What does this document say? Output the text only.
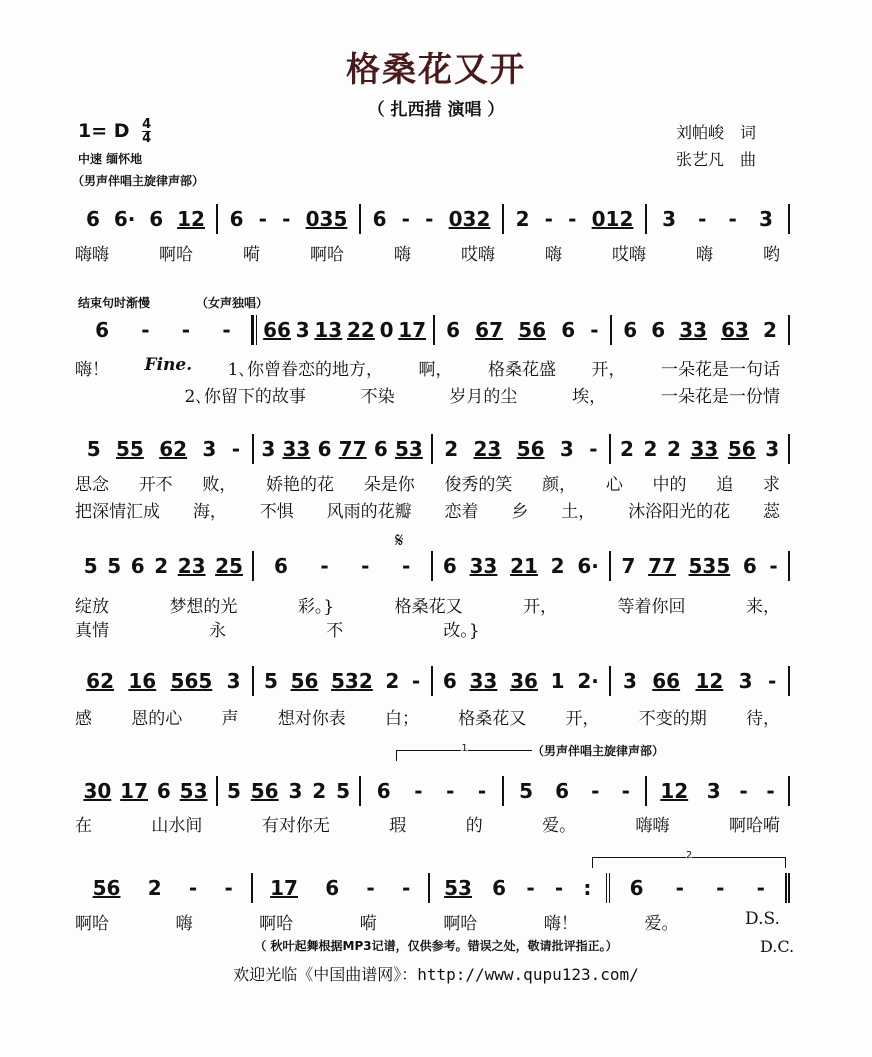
格桑花又开
（ 扎西措 演唱 ）
1= D $\frac{4}{4}$
中速 缅怀地
（男声伴唱主旋律声部）
刘帕峻　词
张艺凡　曲
结束句时渐慢	（女声独唱）
𝄋
1	（男声伴唱主旋律声部）
2
6 6· 6 12 6 - - 035 6 - - 032 2 - - 012 3 - - 3
嗨嗨	啊哈	嗬	啊哈	嗨	哎嗨	嗨	哎嗨	嗨	哟
6 - - - 66 3 13 22 0 17 6 67 56 6 - 6 6 33 63 2
嗨！ Fine. 1､你曾眷恋的地方， 啊， 格桑花盛 开， 一朵花是一句话
2､你留下的故事	不染	岁月的尘	埃，	一朵花是一份情
5 55 62 3 - 3 33 6 77 6 53 2 23 56 3 - 2 2 2 33 56 3
思念 开不 败， 娇艳的花 朵是你 俊秀的笑 颜， 心 中的 追 求
把深情汇成 海， 不惧 风雨的花瓣 恋着 乡 土， 沐浴阳光的花 蕊
5 5 6 2 23 25 6 - - - 6 33 21 2 6· 7 77 535 6 -
绽放	梦想的光	彩。}	格桑花又	开，	等着你回	来，
真情	永	不	改。}
62 16 565 3 5 56 532 2 - 6 33 36 1 2· 3 66 12 3 -
感 恩的心 声 想对你表 白； 格桑花又 开， 不变的期 待，
30 17 6 53 5 56 3 2 5 6 - - - 5 6 - - 12 3 - -
在	山水间	有对你无	瑕	的	爱。	嗨嗨	啊哈嗬
56 2 - - 17 6 - - 53 6 - - : 6 - - -
啊哈	嗨	啊哈	嗬	啊哈	嗨！	爱。	D.S.
（ 秋叶起舞根据MP3记谱，仅供参考。错误之处，敬请批评指正。）	D.C.
欢迎光临《中国曲谱网》：http://www.qupu123.com/
